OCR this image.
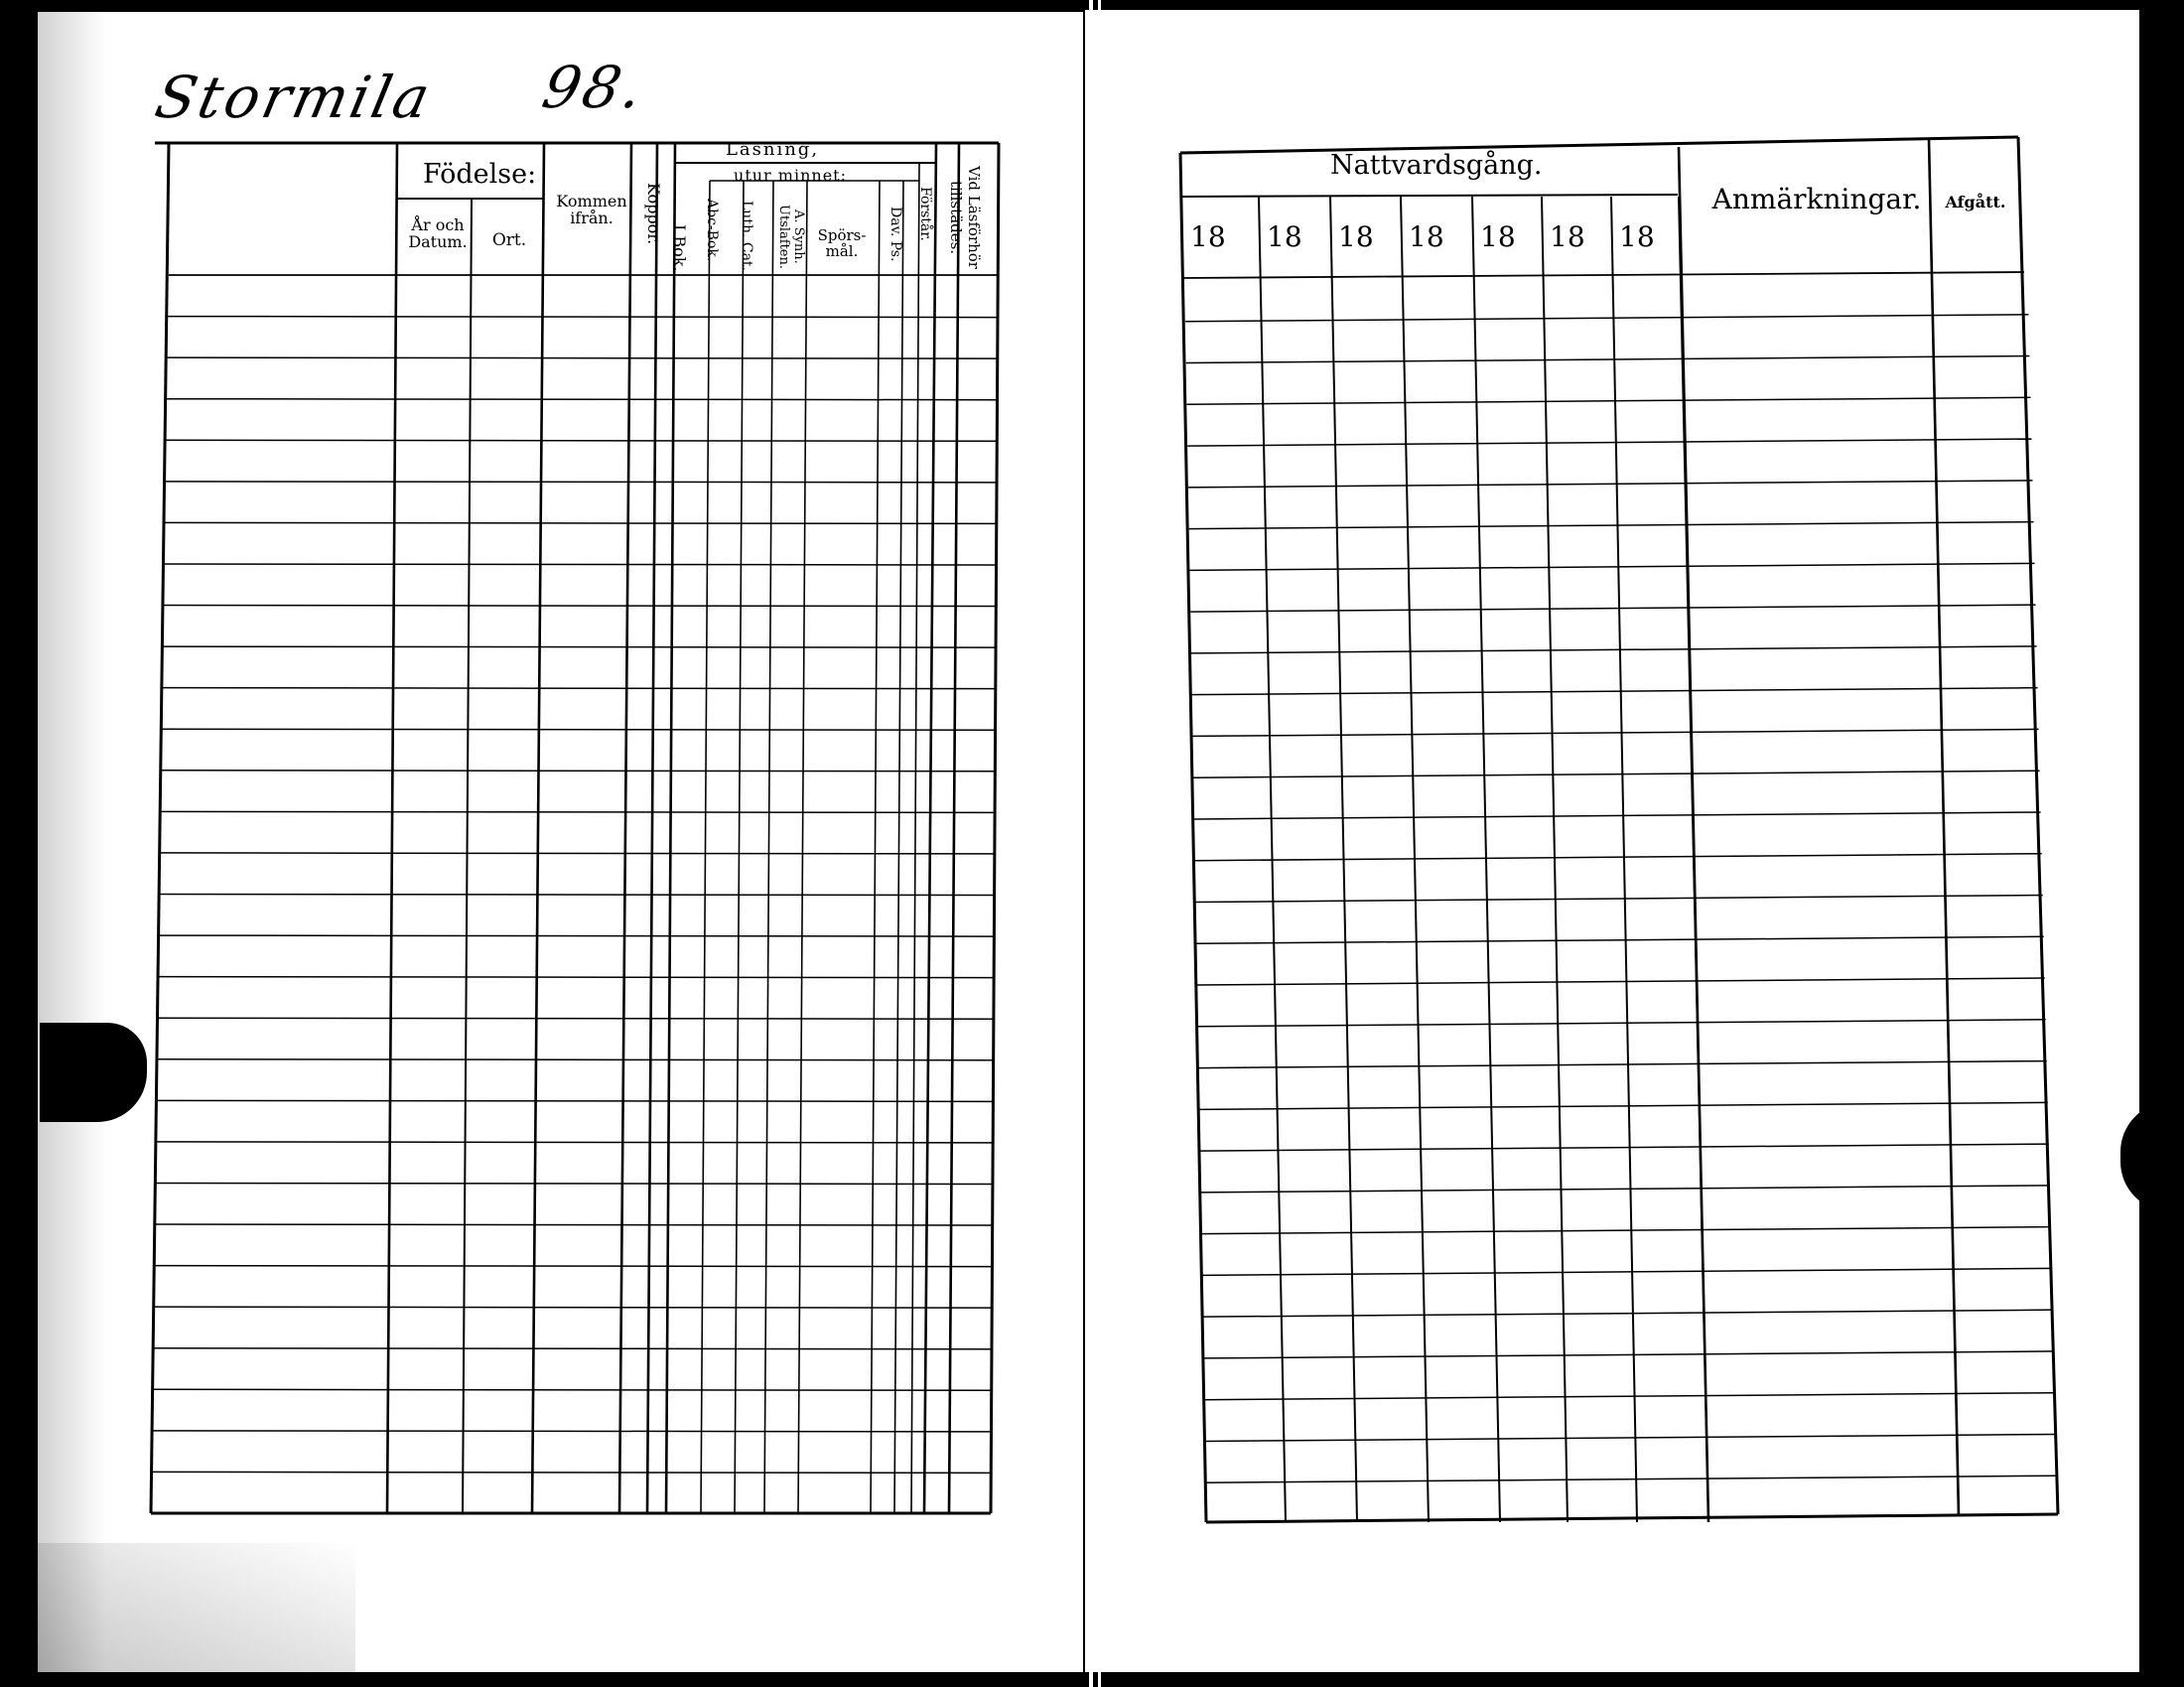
Stormila 98.
Födelse:
År och Datum.	Ort.
Kommen ifrån.	Koppor.
Läsning,
utur minnet:
I Bok.	Abc-Bok.	Luth. Cat.	A. Synh. Utslaften.	Spörs- mål.	Dav. Ps.	Förstår.	Vid Läsförhör tillstädes.
Nattvardsgång.
18 18 18 18 18 18 18
Anmärkningar.	Afgått.
